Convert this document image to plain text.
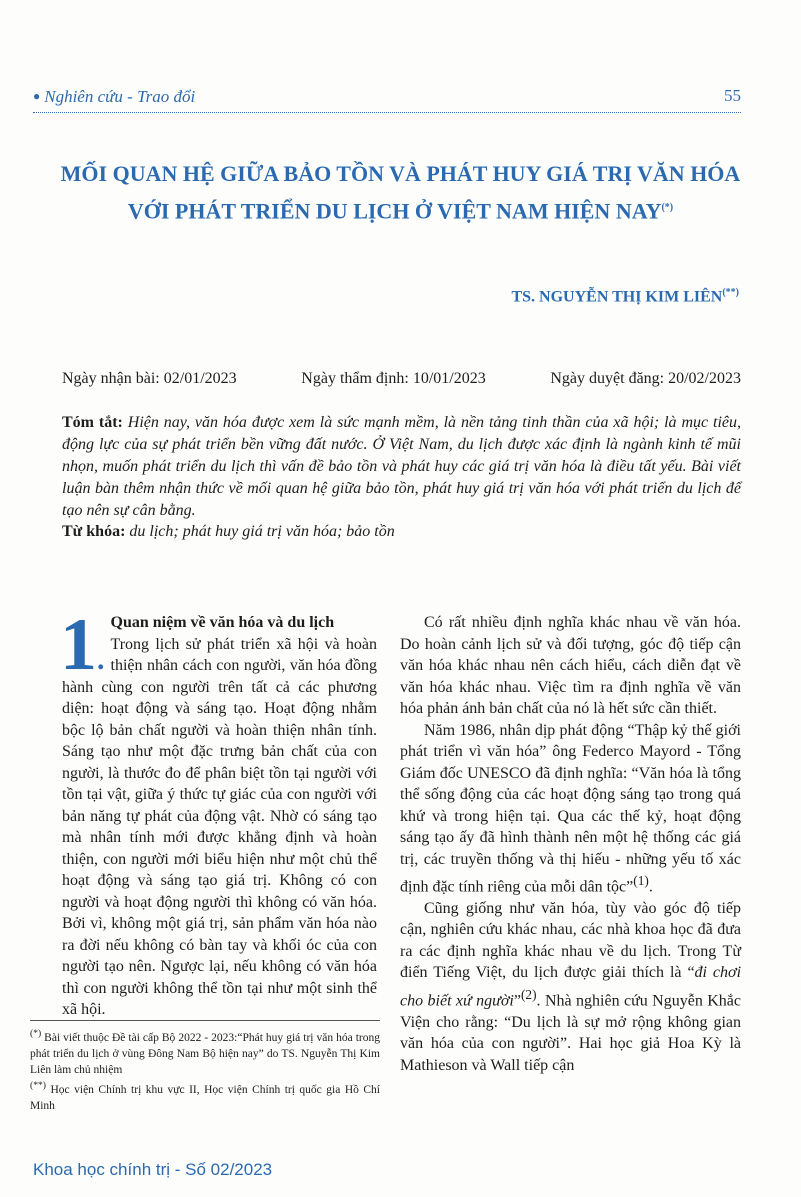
● Nghiên cứu - Trao đổi	55
MỐI QUAN HỆ GIỮA BẢO TỒN VÀ PHÁT HUY GIÁ TRỊ VĂN HÓA
VỚI PHÁT TRIỂN DU LỊCH Ở VIỆT NAM HIỆN NAY(*)
TS. NGUYỄN THỊ KIM LIÊN(**)
Ngày nhận bài: 02/01/2023	Ngày thẩm định: 10/01/2023	Ngày duyệt đăng: 20/02/2023
Tóm tắt: Hiện nay, văn hóa được xem là sức mạnh mềm, là nền tảng tinh thần của xã hội; là mục tiêu, động lực của sự phát triển bền vững đất nước. Ở Việt Nam, du lịch được xác định là ngành kinh tế mũi nhọn, muốn phát triển du lịch thì vấn đề bảo tồn và phát huy các giá trị văn hóa là điều tất yếu. Bài viết luận bàn thêm nhận thức về mối quan hệ giữa bảo tồn, phát huy giá trị văn hóa với phát triển du lịch để tạo nên sự cân bằng.
Từ khóa: du lịch; phát huy giá trị văn hóa; bảo tồn
1.

Quan niệm về văn hóa và du lịch

Trong lịch sử phát triển xã hội và hoàn thiện nhân cách con người, văn hóa đồng hành cùng con người trên tất cả các phương diện: hoạt động và sáng tạo. Hoạt động nhằm bộc lộ bản chất người và hoàn thiện nhân tính. Sáng tạo như một đặc trưng bản chất của con người, là thước đo để phân biệt tồn tại người với tồn tại vật, giữa ý thức tự giác của con người với bản năng tự phát của động vật. Nhờ có sáng tạo mà nhân tính mới được khẳng định và hoàn thiện, con người mới biểu hiện như một chủ thể hoạt động và sáng tạo giá trị. Không có con người và hoạt động người thì không có văn hóa. Bởi vì, không một giá trị, sản phẩm văn hóa nào ra đời nếu không có bàn tay và khối óc của con người tạo nên. Ngược lại, nếu không có văn hóa thì con người không thể tồn tại như một sinh thể xã hội.

Có rất nhiều định nghĩa khác nhau về văn hóa. Do hoàn cảnh lịch sử và đối tượng, góc độ tiếp cận văn hóa khác nhau nên cách hiểu, cách diễn đạt về văn hóa khác nhau. Việc tìm ra định nghĩa về văn hóa phản ánh bản chất của nó là hết sức cần thiết.

Năm 1986, nhân dịp phát động “Thập kỷ thế giới phát triển vì văn hóa” ông Federco Mayord - Tổng Giám đốc UNESCO đã định nghĩa: “Văn hóa là tổng thể sống động của các hoạt động sáng tạo trong quá khứ và trong hiện tại. Qua các thế kỷ, hoạt động sáng tạo ấy đã hình thành nên một hệ thống các giá trị, các truyền thống và thị hiếu - những yếu tố xác định đặc tính riêng của mỗi dân tộc”$^{(1)}$.

Cũng giống như văn hóa, tùy vào góc độ tiếp cận, nghiên cứu khác nhau, các nhà khoa học đã đưa ra các định nghĩa khác nhau về du lịch. Trong Từ điển Tiếng Việt, du lịch được giải thích là “đi chơi cho biết xứ người”$^{(2)}$. Nhà nghiên cứu Nguyễn Khắc Viện cho rằng: “Du lịch là sự mở rộng không gian văn hóa của con người”. Hai học giả Hoa Kỳ là Mathieson và Wall tiếp cận

(*) Bài viết thuộc Đề tài cấp Bộ 2022 - 2023:“Phát huy giá trị văn hóa trong phát triển du lịch ở vùng Đông Nam Bộ hiện nay” do TS. Nguyễn Thị Kim Liên làm chủ nhiệm

(**) Học viện Chính trị khu vực II, Học viện Chính trị quốc gia Hồ Chí Minh

Khoa học chính trị - Số 02/2023
